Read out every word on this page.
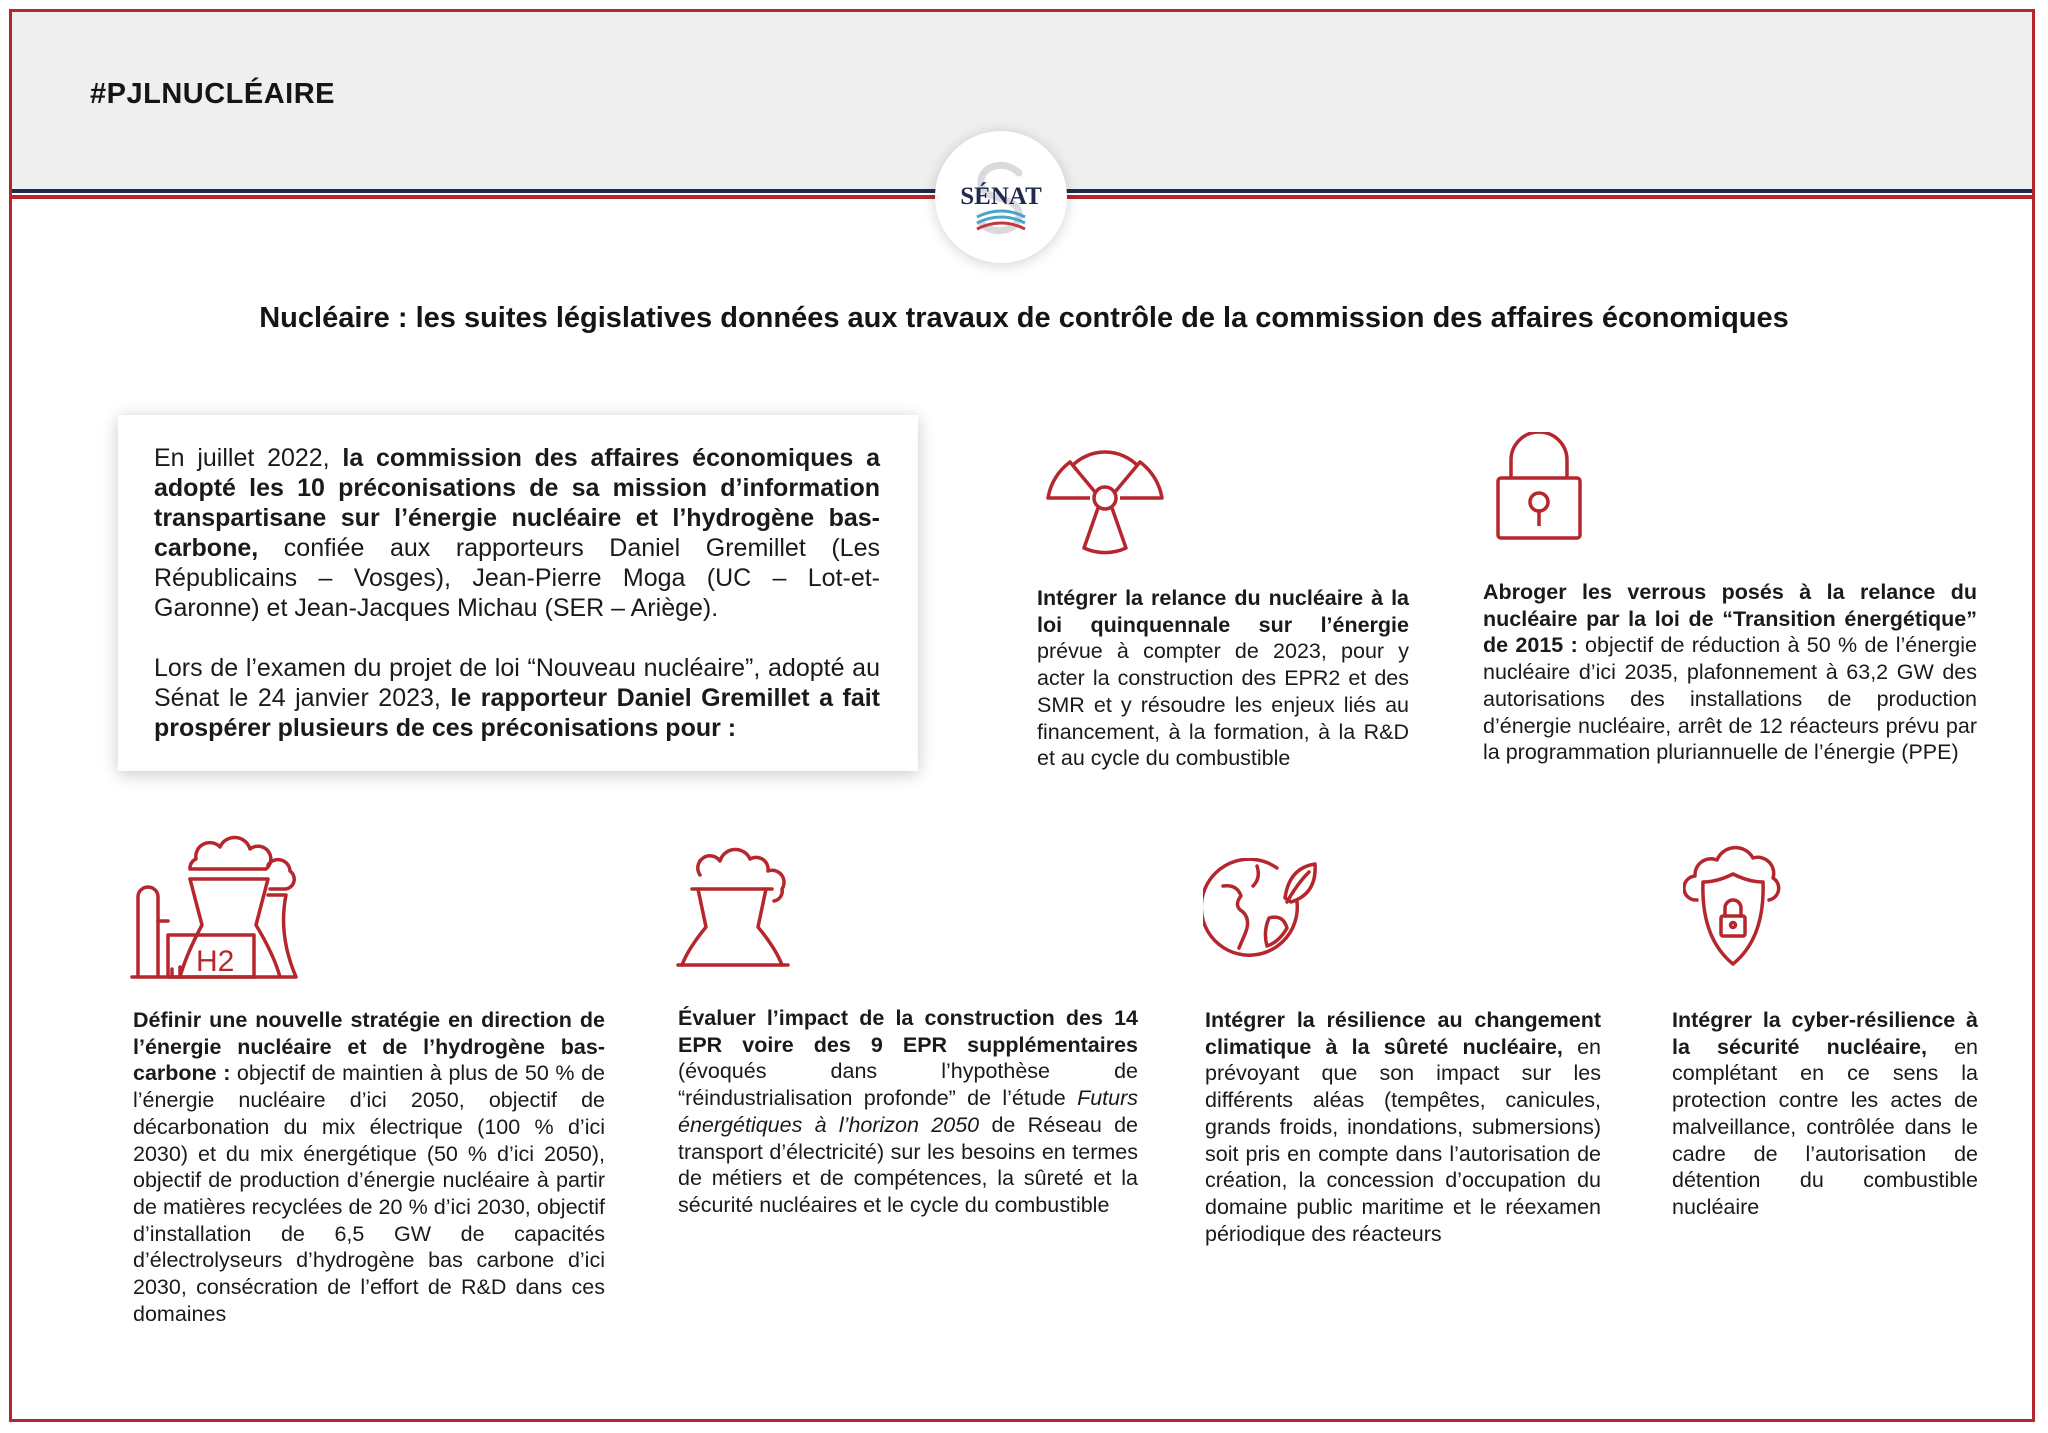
#PJLNUCLÉAIRE
SÉNAT
Nucléaire : les suites législatives données aux travaux de contrôle de la commission des affaires économiques

En juillet 2022, la commission des affaires économiques a adopté les 10 préconisations de sa mission d’information transpartisane sur l’énergie nucléaire et l’hydrogène bas-carbone, confiée aux rapporteurs Daniel Gremillet (Les Républicains – Vosges), Jean-Pierre Moga (UC – Lot-et-Garonne) et Jean-Jacques Michau (SER – Ariège).

Lors de l’examen du projet de loi “Nouveau nucléaire”, adopté au Sénat le 24 janvier 2023, le rapporteur Daniel Gremillet a fait prospérer plusieurs de ces préconisations pour :

Intégrer la relance du nucléaire à la loi quinquennale sur l’énergie prévue à compter de 2023, pour y acter la construction des EPR2 et des SMR et y résoudre les enjeux liés au financement, à la formation, à la R&D et au cycle du combustible
Abroger les verrous posés à la relance du nucléaire par la loi de “Transition énergétique” de 2015 : objectif de réduction à 50 % de l’énergie nucléaire d’ici 2035, plafonnement à 63,2 GW des autorisations des installations de production d’énergie nucléaire, arrêt de 12 réacteurs prévu par la programmation pluriannuelle de l’énergie (PPE)
H2
Définir une nouvelle stratégie en direction de l’énergie nucléaire et de l’hydrogène bas-carbone : objectif de maintien à plus de 50 % de l’énergie nucléaire d’ici 2050, objectif de décarbonation du mix électrique (100 % d’ici 2030) et du mix énergétique (50 % d’ici 2050), objectif de production d’énergie nucléaire à partir de matières recyclées de 20 % d’ici 2030, objectif d’installation de 6,5 GW de capacités d’électrolyseurs d’hydrogène bas carbone d’ici 2030, consécration de l’effort de R&D dans ces domaines
Évaluer l’impact de la construction des 14 EPR voire des 9 EPR supplémentaires (évoqués dans l’hypothèse de “réindustrialisation profonde” de l’étude Futurs énergétiques à l’horizon 2050 de Réseau de transport d’électricité) sur les besoins en termes de métiers et de compétences, la sûreté et la sécurité nucléaires et le cycle du combustible
Intégrer la résilience au changement climatique à la sûreté nucléaire, en prévoyant que son impact sur les différents aléas (tempêtes, canicules, grands froids, inondations, submersions) soit pris en compte dans l’autorisation de création, la concession d’occupation du domaine public maritime et le réexamen périodique des réacteurs
Intégrer la cyber-résilience à la sécurité nucléaire, en complétant en ce sens la protection contre les actes de malveillance, contrôlée dans le cadre de l’autorisation de détention du combustible nucléaire
